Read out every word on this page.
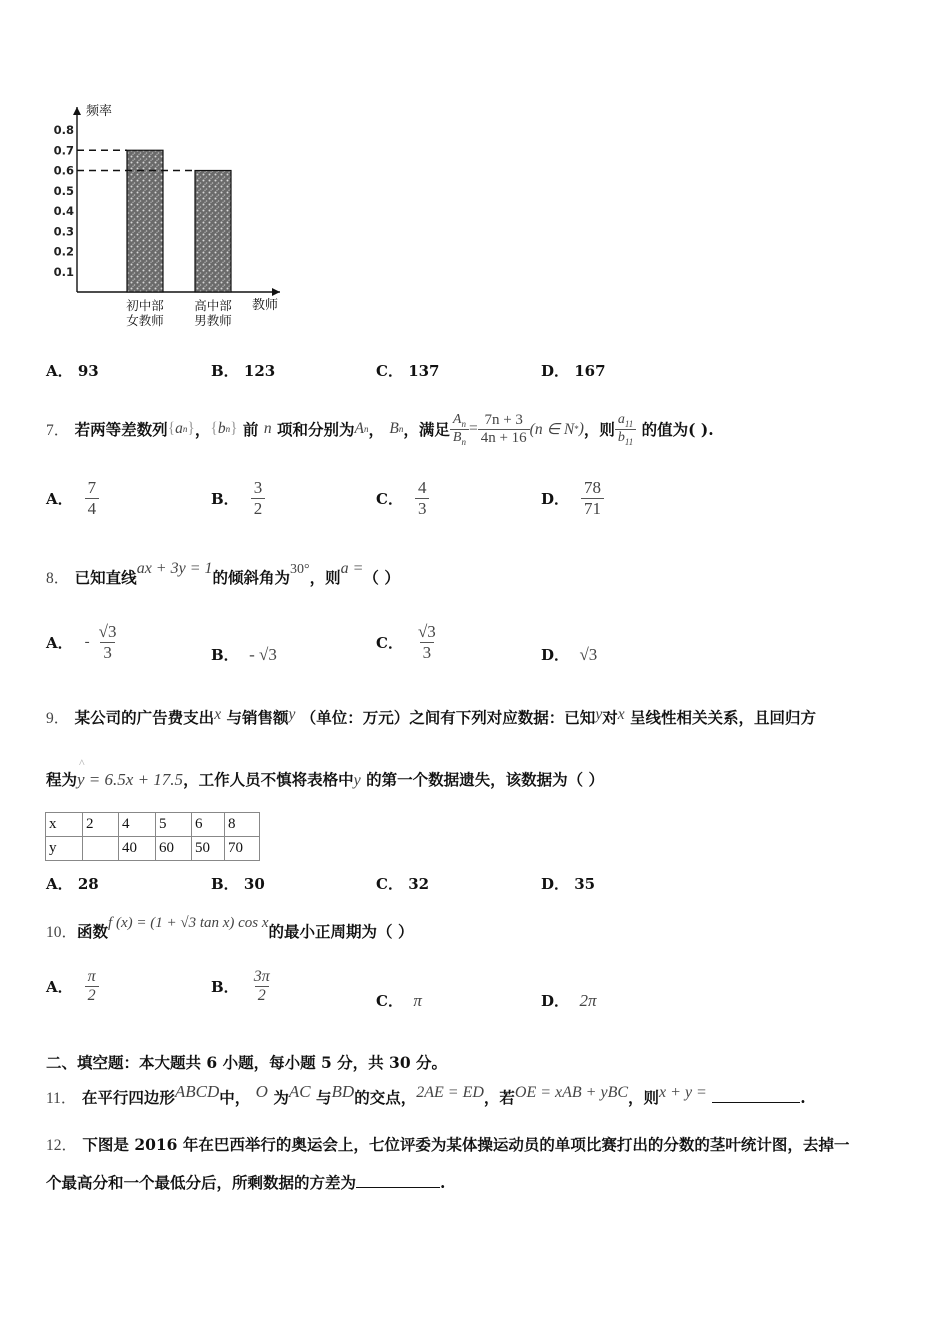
0.1
0.2
0.3
0.4
0.5
0.6
0.7
0.8
初中部
女教师
高中部
男教师
频率
教师
A． 93	B． 123	C． 137	D． 167
7．
若两等差数列 { a n } ， { b n }
前
n
项和分别为 A n ，
B n ，满足 $\frac{A_n}{B_n} = \frac{7n + 3}{4n + 16} (n$ ∈ N * ) ，则 $\frac{a_{11}}{b_{11}}$
的值为( ).
A． $\frac{7}{4}$	B． $\frac{3}{2}$	C． $\frac{4}{3}$	D． $\frac{78}{71}$
8． 已知直线ax + 3y = 1的倾斜角为30°，则a =（ ）
A． - $\frac{√3}{3}$	B． - √3
C． $\frac{√3}{3}$	D． √3
9． 某公司的广告费支出x 与销售额y （单位：万元）之间有下列对应数据：已知y对x 呈线性相关关系，且回归方
程为
^
y = 6.5x + 17.5，工作人员不慎将表格中y 的第一个数据遗失，该数据为（ ）
x	2	4	5	6	8
y		40	60	50	70
A． 28	B． 30	C． 32	D． 35
10．函数f (x) = (1 + √3 tan x) cos x的最小正周期为（ ）
A． $\frac{\pi}{2}$	B． $\frac{3\pi}{2}$	C． π	D． 2π
二、填空题：本大题共 6 小题，每小题 5 分，共 30 分。
11． 在平行四边形ABCD中， O 为AC 与BD的交点，2AE = ED，若OE = xAB + yBC，则x + y =	.
12． 下图是 2016 年在巴西举行的奥运会上，七位评委为某体操运动员的单项比赛打出的分数的茎叶统计图，去掉一
个最高分和一个最低分后，所剩数据的方差为	.
